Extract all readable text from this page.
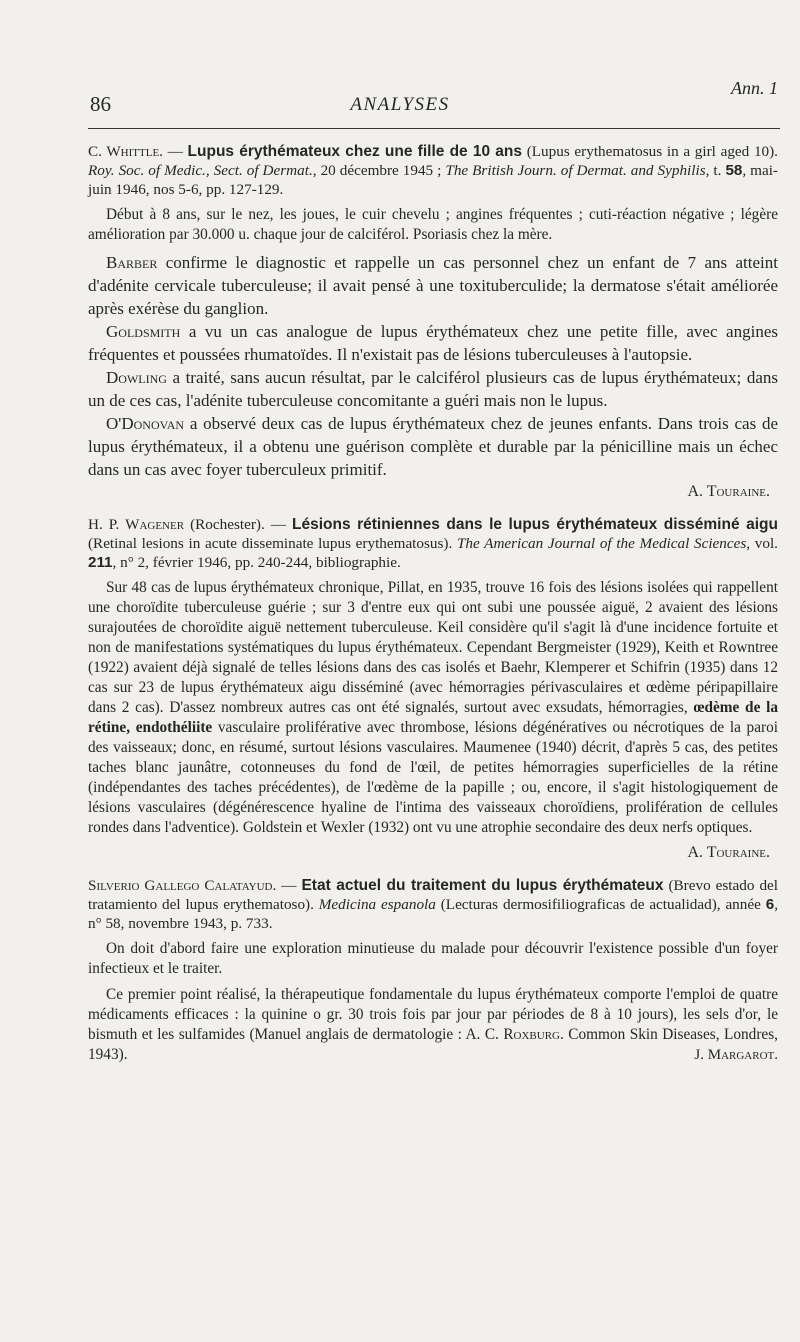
86	ANALYSES
Ann. 1

C. Whittle. — Lupus érythémateux chez une fille de 10 ans (Lupus erythematosus in a girl aged 10). Roy. Soc. of Medic., Sect. of Dermat., 20 décembre 1945 ; The British Journ. of Dermat. and Syphilis, t. 58, mai-juin 1946, nos 5-6, pp. 127-129.

Début à 8 ans, sur le nez, les joues, le cuir chevelu ; angines fréquentes ; cuti-réaction négative ; légère amélioration par 30.000 u. chaque jour de calciférol. Psoriasis chez la mère.

Barber confirme le diagnostic et rappelle un cas personnel chez un enfant de 7 ans atteint d'adénite cervicale tuberculeuse; il avait pensé à une toxituberculide; la dermatose s'était améliorée après exérèse du ganglion.

Goldsmith a vu un cas analogue de lupus érythémateux chez une petite fille, avec angines fréquentes et poussées rhumatoïdes. Il n'existait pas de lésions tuberculeuses à l'autopsie.

Dowling a traité, sans aucun résultat, par le calciférol plusieurs cas de lupus érythémateux; dans un de ces cas, l'adénite tuberculeuse concomitante a guéri mais non le lupus.

O'Donovan a observé deux cas de lupus érythémateux chez de jeunes enfants. Dans trois cas de lupus érythémateux, il a obtenu une guérison complète et durable par la pénicilline mais un échec dans un cas avec foyer tuberculeux primitif.

A. Touraine.

H. P. Wagener (Rochester). — Lésions rétiniennes dans le lupus érythémateux disséminé aigu (Retinal lesions in acute disseminate lupus erythematosus). The American Journal of the Medical Sciences, vol. 211, n° 2, février 1946, pp. 240-244, bibliographie.

Sur 48 cas de lupus érythémateux chronique, Pillat, en 1935, trouve 16 fois des lésions isolées qui rappellent une choroïdite tuberculeuse guérie ; sur 3 d'entre eux qui ont subi une poussée aiguë, 2 avaient des lésions surajoutées de choroïdite aiguë nettement tuberculeuse. Keil considère qu'il s'agit là d'une incidence fortuite et non de manifestations systématiques du lupus érythémateux. Cependant Bergmeister (1929), Keith et Rowntree (1922) avaient déjà signalé de telles lésions dans des cas isolés et Baehr, Klemperer et Schifrin (1935) dans 12 cas sur 23 de lupus érythémateux aigu disséminé (avec hémorragies périvasculaires et œdème péripapillaire dans 2 cas). D'assez nombreux autres cas ont été signalés, surtout avec exsudats, hémorragies, œdème de la rétine, endothéliite vasculaire proliférative avec thrombose, lésions dégénératives ou nécrotiques de la paroi des vaisseaux; donc, en résumé, surtout lésions vasculaires. Maumenee (1940) décrit, d'après 5 cas, des petites taches blanc jaunâtre, cotonneuses du fond de l'œil, de petites hémorragies superficielles de la rétine (indépendantes des taches précédentes), de l'œdème de la papille ; ou, encore, il s'agit histologiquement de lésions vasculaires (dégénérescence hyaline de l'intima des vaisseaux choroïdiens, prolifération de cellules rondes dans l'adventice). Goldstein et Wexler (1932) ont vu une atrophie secondaire des deux nerfs optiques.

A. Touraine.

Silverio Gallego Calatayud. — Etat actuel du traitement du lupus érythémateux (Brevo estado del tratamiento del lupus erythematoso). Medicina espanola (Lecturas dermosifiliograficas de actualidad), année 6, n° 58, novembre 1943, p. 733.

On doit d'abord faire une exploration minutieuse du malade pour découvrir l'existence possible d'un foyer infectieux et le traiter.

Ce premier point réalisé, la thérapeutique fondamentale du lupus érythémateux comporte l'emploi de quatre médicaments efficaces : la quinine o gr. 30 trois fois par jour par périodes de 8 à 10 jours), les sels d'or, le bismuth et les sulfamides (Manuel anglais de dermatologie : A. C. Roxburg. Common Skin Diseases, Londres, 1943).	J. Margarot.
